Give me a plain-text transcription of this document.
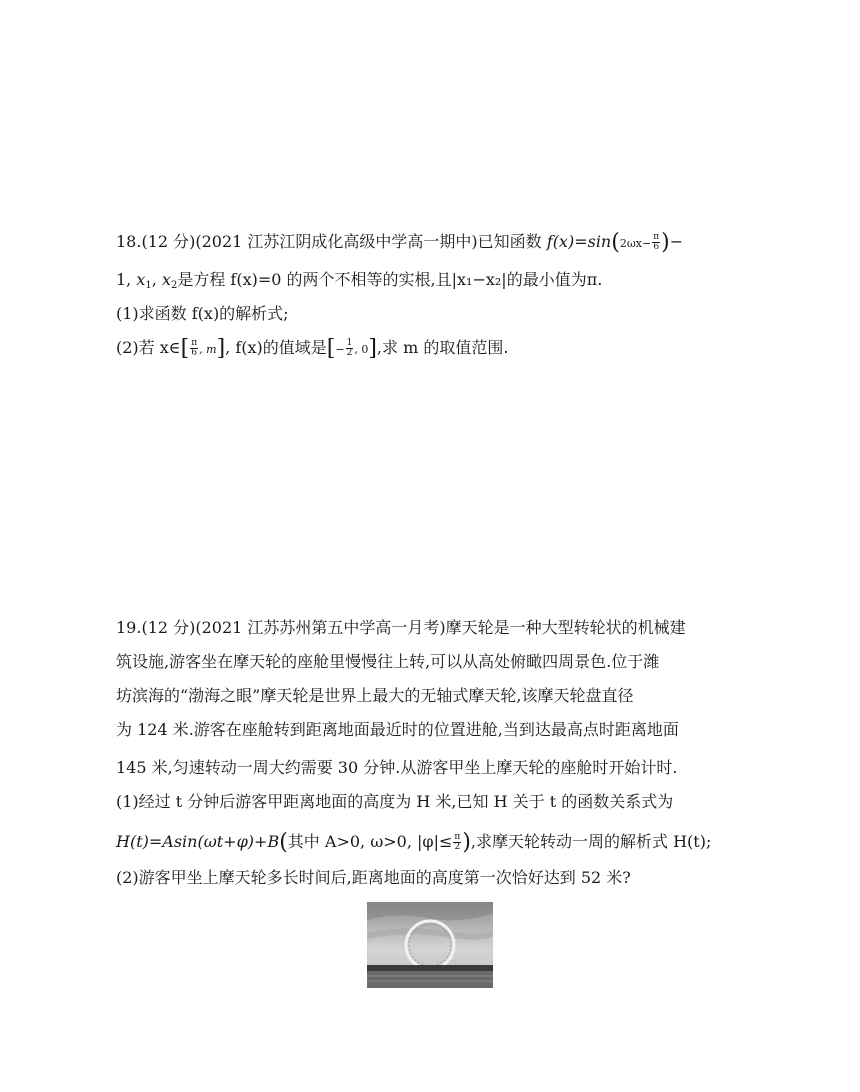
18.(12 分)(2021 江苏江阴成化高级中学高一期中)已知函数 $f(x)=\sin(2\omega x- \frac{\pi}{6}$ )−
1, $x_1$, $x_2$是方程 f(x)=0 的两个不相等的实根,且|x₁−x₂|的最小值为π.
(1)求函数 f(x)的解析式;
(2)若 x∈[ $\frac{\pi}{6}$ , m], f(x)的值域是[− $\frac{1}{2}$ , 0],求 m 的取值范围.
19.(12 分)(2021 江苏苏州第五中学高一月考)摩天轮是一种大型转轮状的机械建
筑设施,游客坐在摩天轮的座舱里慢慢往上转,可以从高处俯瞰四周景色.位于潍
坊滨海的“渤海之眼”摩天轮是世界上最大的无轴式摩天轮,该摩天轮盘直径
为 124 米.游客在座舱转到距离地面最近时的位置进舱,当到达最高点时距离地面
145 米,匀速转动一周大约需要 30 分钟.从游客甲坐上摩天轮的座舱时开始计时.
(1)经过 t 分钟后游客甲距离地面的高度为 H 米,已知 H 关于 t 的函数关系式为
H(t)=Asin(ωt+φ)+B(其中 A>0, ω>0, $|\varphi|\le \frac{\pi}{2}$ ),求摩天轮转动一周的解析式 H(t);
(2)游客甲坐上摩天轮多长时间后,距离地面的高度第一次恰好达到 52 米?
